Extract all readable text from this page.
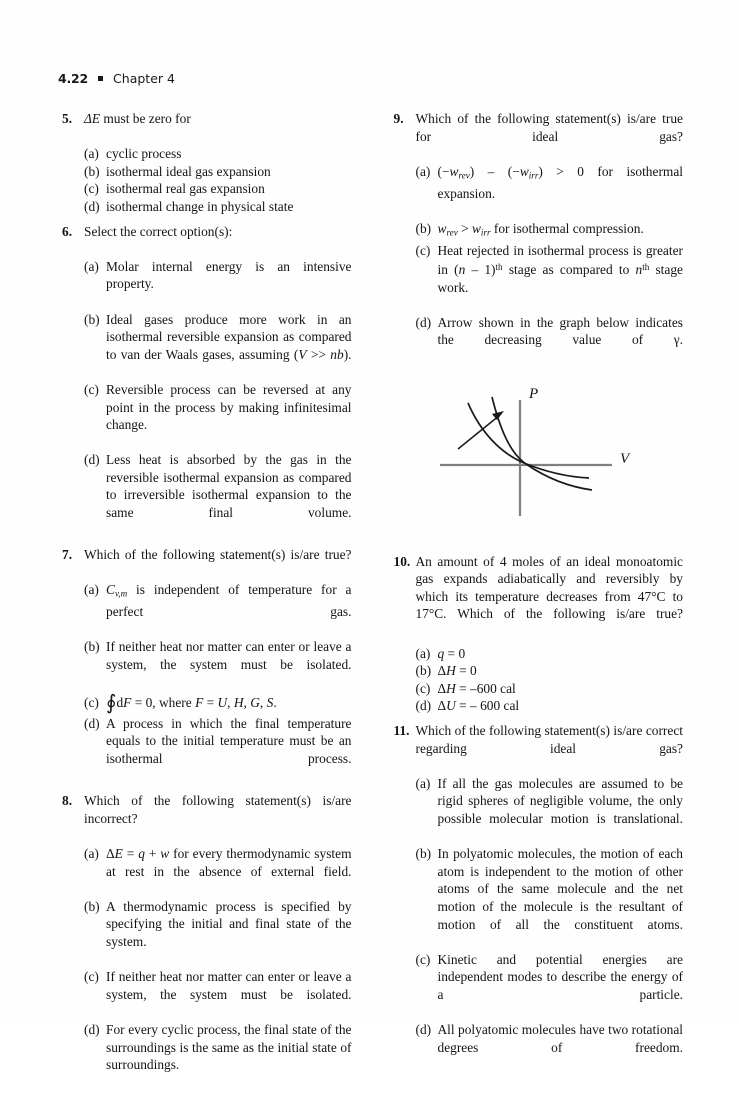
4.22 Chapter 4
5. ΔE must be zero for

(a) cyclic process
(b) isothermal ideal gas expansion
(c) isothermal real gas expansion
(d) isothermal change in physical state
6. Select the correct option(s):

(a) Molar internal energy is an intensive property.
(b) Ideal gases produce more work in an isothermal reversible expansion as compared to van der Waals gases, assuming (V >> nb).
(c) Reversible process can be reversed at any point in the process by making infinitesimal change.
(d) Less heat is absorbed by the gas in the reversible isothermal expansion as compared to irreversible isothermal expansion to the same final volume.
7. Which of the following statement(s) is/are true?

(a) $C_{v,m}$ is independent of temperature for a perfect gas.
(b) If neither heat nor matter can enter or leave a system, the system must be isolated.
(c) ∮dF = 0, where F = U, H, G, S.
(d) A process in which the final temperature equals to the initial temperature must be an isothermal process.
8. Which of the following statement(s) is/are incorrect?

(a) ΔE = q + w for every thermodynamic system at rest in the absence of external field.
(b) A thermodynamic process is specified by specifying the initial and final state of the system.
(c) If neither heat nor matter can enter or leave a system, the system must be isolated.
(d) For every cyclic process, the final state of the surroundings is the same as the initial state of surroundings.
9. Which of the following statement(s) is/are true for ideal gas?

(a) $(-w_{rev}) - (-w_{irr}) > 0$ for isothermal expansion.
(b) $w_{rev} > w_{irr}$ for isothermal compression.
(c) Heat rejected in isothermal process is greater in (n – 1)$^{th}$ stage as compared to $n^{th}$ stage work.
(d) Arrow shown in the graph below indicates the decreasing value of γ.
P
V
10. An amount of 4 moles of an ideal monoatomic gas expands adiabatically and reversibly by which its temperature decreases from 47°C to 17°C. Which of the following is/are true?

(a) q = 0
(b) ΔH = 0
(c) ΔH = –600 cal
(d) ΔU = – 600 cal
11. Which of the following statement(s) is/are correct regarding ideal gas?

(a) If all the gas molecules are assumed to be rigid spheres of negligible volume, the only possible molecular motion is translational.
(b) In polyatomic molecules, the motion of each atom is independent to the motion of other atoms of the same molecule and the net motion of the molecule is the resultant of motion of all the constituent atoms.
(c) Kinetic and potential energies are independent modes to describe the energy of a particle.
(d) All polyatomic molecules have two rotational degrees of freedom.
